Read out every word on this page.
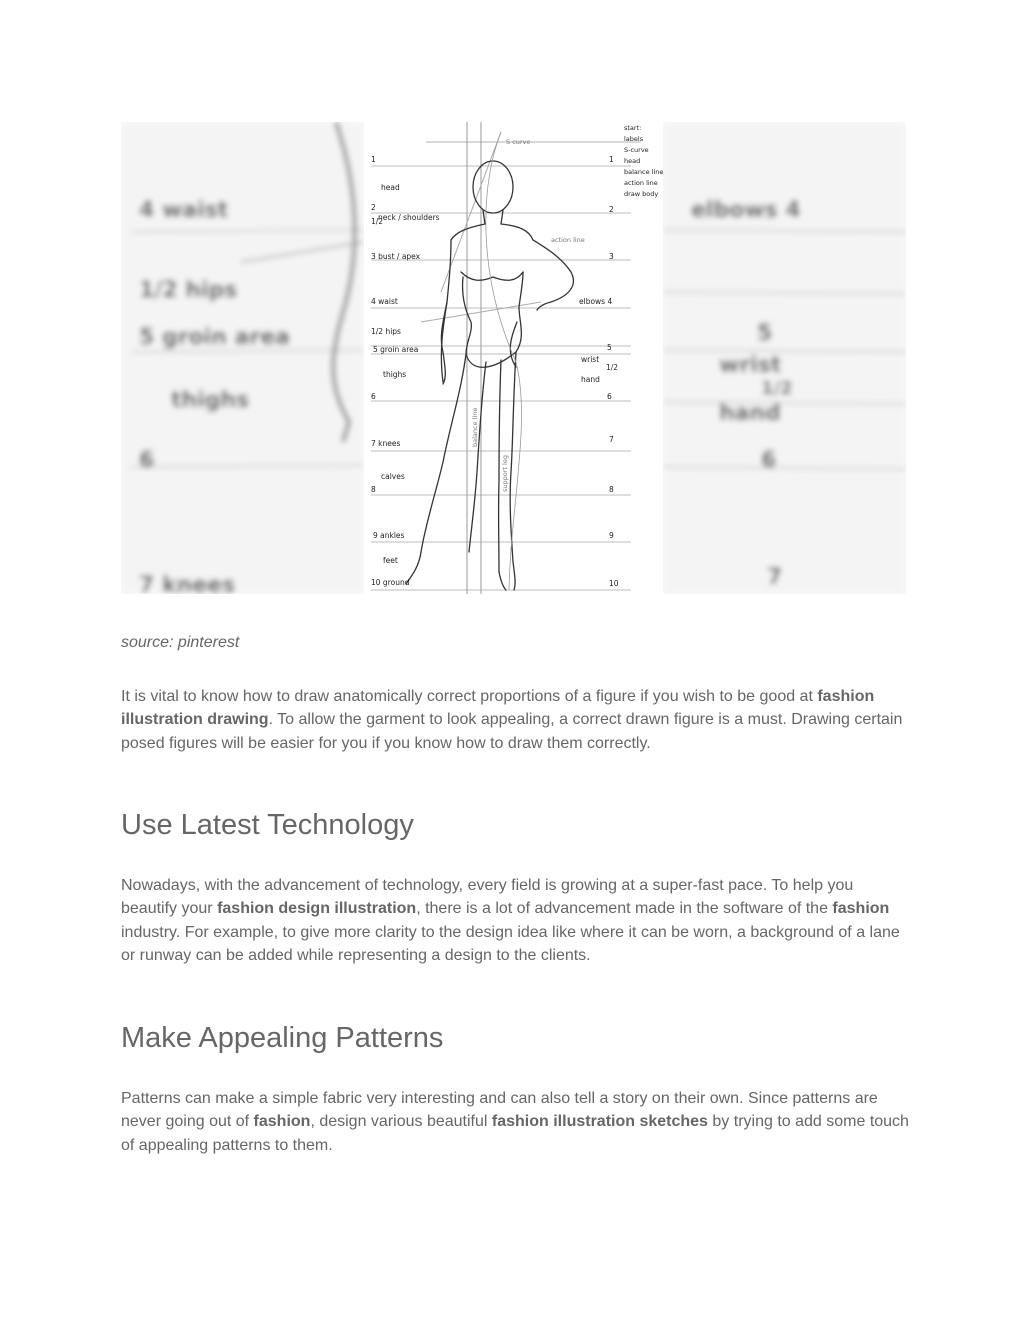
4 waist
1/2 hips
5 groin area
thighs
6
7 knees
elbows 4
5
wrist
1/2
hand
6
7
1
head
2
1/2
neck / shoulders
3 bust / apex
4 waist
1/2 hips
5 groin area
thighs
6
7 knees
calves
8
9 ankles
feet
10 ground
1
2
3
elbows 4
5
wrist
1/2
hand
6
7
8
9
10
S curve
action line
balance line
support leg
start:
labels
S-curve
head
balance line
action line
draw body

source: pinterest

It is vital to know how to draw anatomically correct proportions of a figure if you wish to be good at fashion illustration drawing. To allow the garment to look appealing, a correct drawn figure is a must. Drawing certain posed figures will be easier for you if you know how to draw them correctly.

Use Latest Technology

Nowadays, with the advancement of technology, every field is growing at a super-fast pace. To help you beautify your fashion design illustration, there is a lot of advancement made in the software of the fashion industry. For example, to give more clarity to the design idea like where it can be worn, a background of a lane or runway can be added while representing a design to the clients.

Make Appealing Patterns

Patterns can make a simple fabric very interesting and can also tell a story on their own. Since patterns are never going out of fashion, design various beautiful fashion illustration sketches by trying to add some touch of appealing patterns to them.
